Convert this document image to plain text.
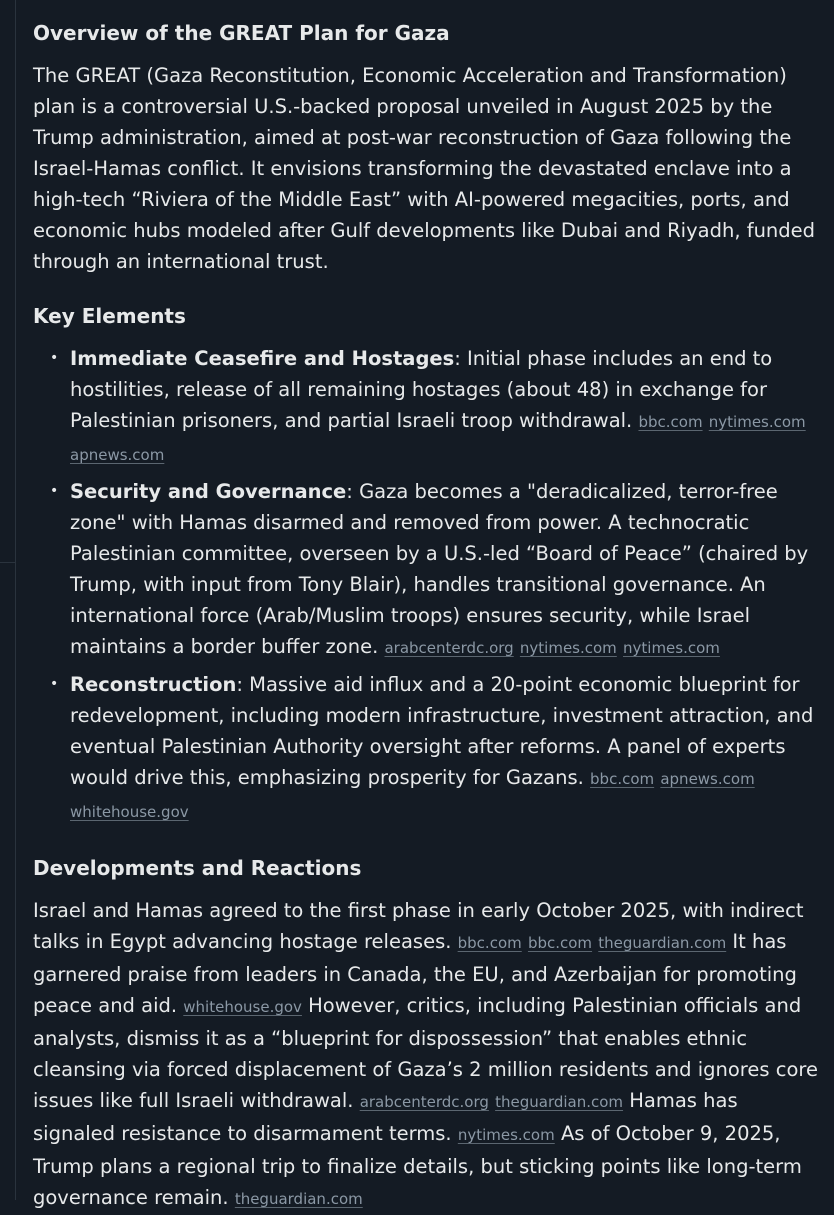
Overview of the GREAT Plan for Gaza

The GREAT (Gaza Reconstitution, Economic Acceleration and Transformation) plan is a controversial U.S.-backed proposal unveiled in August 2025 by the Trump administration, aimed at post-war reconstruction of Gaza following the Israel-Hamas conflict. It envisions transforming the devastated enclave into a high-tech “Riviera of the Middle East” with AI-powered megacities, ports, and economic hubs modeled after Gulf developments like Dubai and Riyadh, funded through an international trust.

Key Elements
• Immediate Ceasefire and Hostages: Initial phase includes an end to hostilities, release of all remaining hostages (about 48) in exchange for Palestinian prisoners, and partial Israeli troop withdrawal. bbc.com nytimes.com apnews.com
• Security and Governance: Gaza becomes a "deradicalized, terror-free zone" with Hamas disarmed and removed from power. A technocratic Palestinian committee, overseen by a U.S.-led “Board of Peace” (chaired by Trump, with input from Tony Blair), handles transitional governance. An international force (Arab/Muslim troops) ensures security, while Israel maintains a border buffer zone. arabcenterdc.org nytimes.com nytimes.com
• Reconstruction: Massive aid influx and a 20-point economic blueprint for redevelopment, including modern infrastructure, investment attraction, and eventual Palestinian Authority oversight after reforms. A panel of experts would drive this, emphasizing prosperity for Gazans. bbc.com apnews.com whitehouse.gov
Developments and Reactions

Israel and Hamas agreed to the first phase in early October 2025, with indirect talks in Egypt advancing hostage releases. bbc.com bbc.com theguardian.com It has garnered praise from leaders in Canada, the EU, and Azerbaijan for promoting peace and aid. whitehouse.gov However, critics, including Palestinian officials and analysts, dismiss it as a “blueprint for dispossession” that enables ethnic cleansing via forced displacement of Gaza’s 2 million residents and ignores core issues like full Israeli withdrawal. arabcenterdc.org theguardian.com Hamas has signaled resistance to disarmament terms. nytimes.com As of October 9, 2025, Trump plans a regional trip to finalize details, but sticking points like long-term governance remain. theguardian.com
